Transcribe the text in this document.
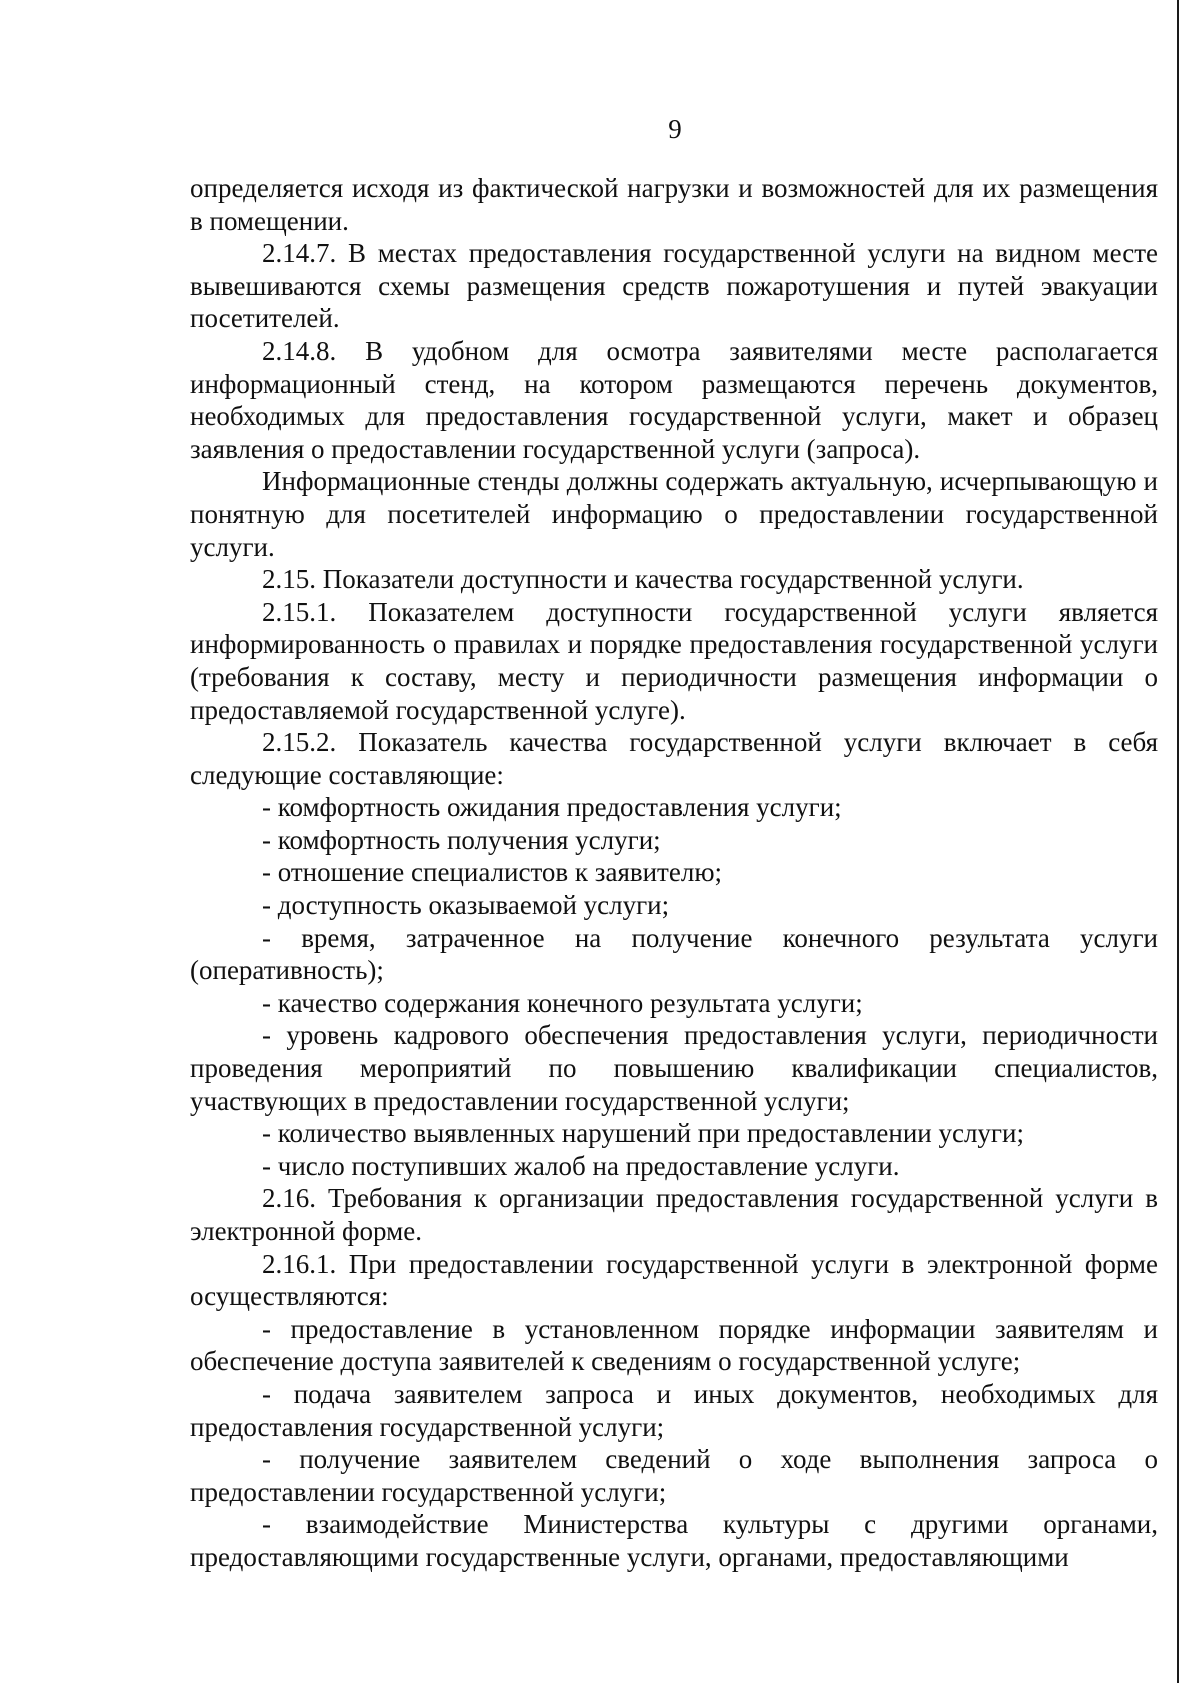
9

определяется исходя из фактической нагрузки и возможностей для их размещения в помещении.

2.14.7. В местах предоставления государственной услуги на видном месте вывешиваются схемы размещения средств пожаротушения и путей эвакуации посетителей.

2.14.8. В удобном для осмотра заявителями месте располагается информационный стенд, на котором размещаются перечень документов, необходимых для предоставления государственной услуги, макет и образец заявления о предоставлении государственной услуги (запроса).

Информационные стенды должны содержать актуальную, исчерпывающую и понятную для посетителей информацию о предоставлении государственной услуги.

2.15. Показатели доступности и качества государственной услуги.

2.15.1. Показателем доступности государственной услуги является информированность о правилах и порядке предоставления государственной услуги (требования к составу, месту и периодичности размещения информации о предоставляемой государственной услуге).

2.15.2. Показатель качества государственной услуги включает в себя следующие составляющие:

- комфортность ожидания предоставления услуги;

- комфортность получения услуги;

- отношение специалистов к заявителю;

- доступность оказываемой услуги;

- время, затраченное на получение конечного результата услуги (оперативность);

- качество содержания конечного результата услуги;

- уровень кадрового обеспечения предоставления услуги, периодичности проведения мероприятий по повышению квалификации специалистов, участвующих в предоставлении государственной услуги;

- количество выявленных нарушений при предоставлении услуги;

- число поступивших жалоб на предоставление услуги.

2.16. Требования к организации предоставления государственной услуги в электронной форме.

2.16.1. При предоставлении государственной услуги в электронной форме осуществляются:

- предоставление в установленном порядке информации заявителям и обеспечение доступа заявителей к сведениям о государственной услуге;

- подача заявителем запроса и иных документов, необходимых для предоставления государственной услуги;

- получение заявителем сведений о ходе выполнения запроса о предоставлении государственной услуги;

- взаимодействие Министерства культуры с другими органами, предоставляющими государственные услуги, органами, предоставляющими
